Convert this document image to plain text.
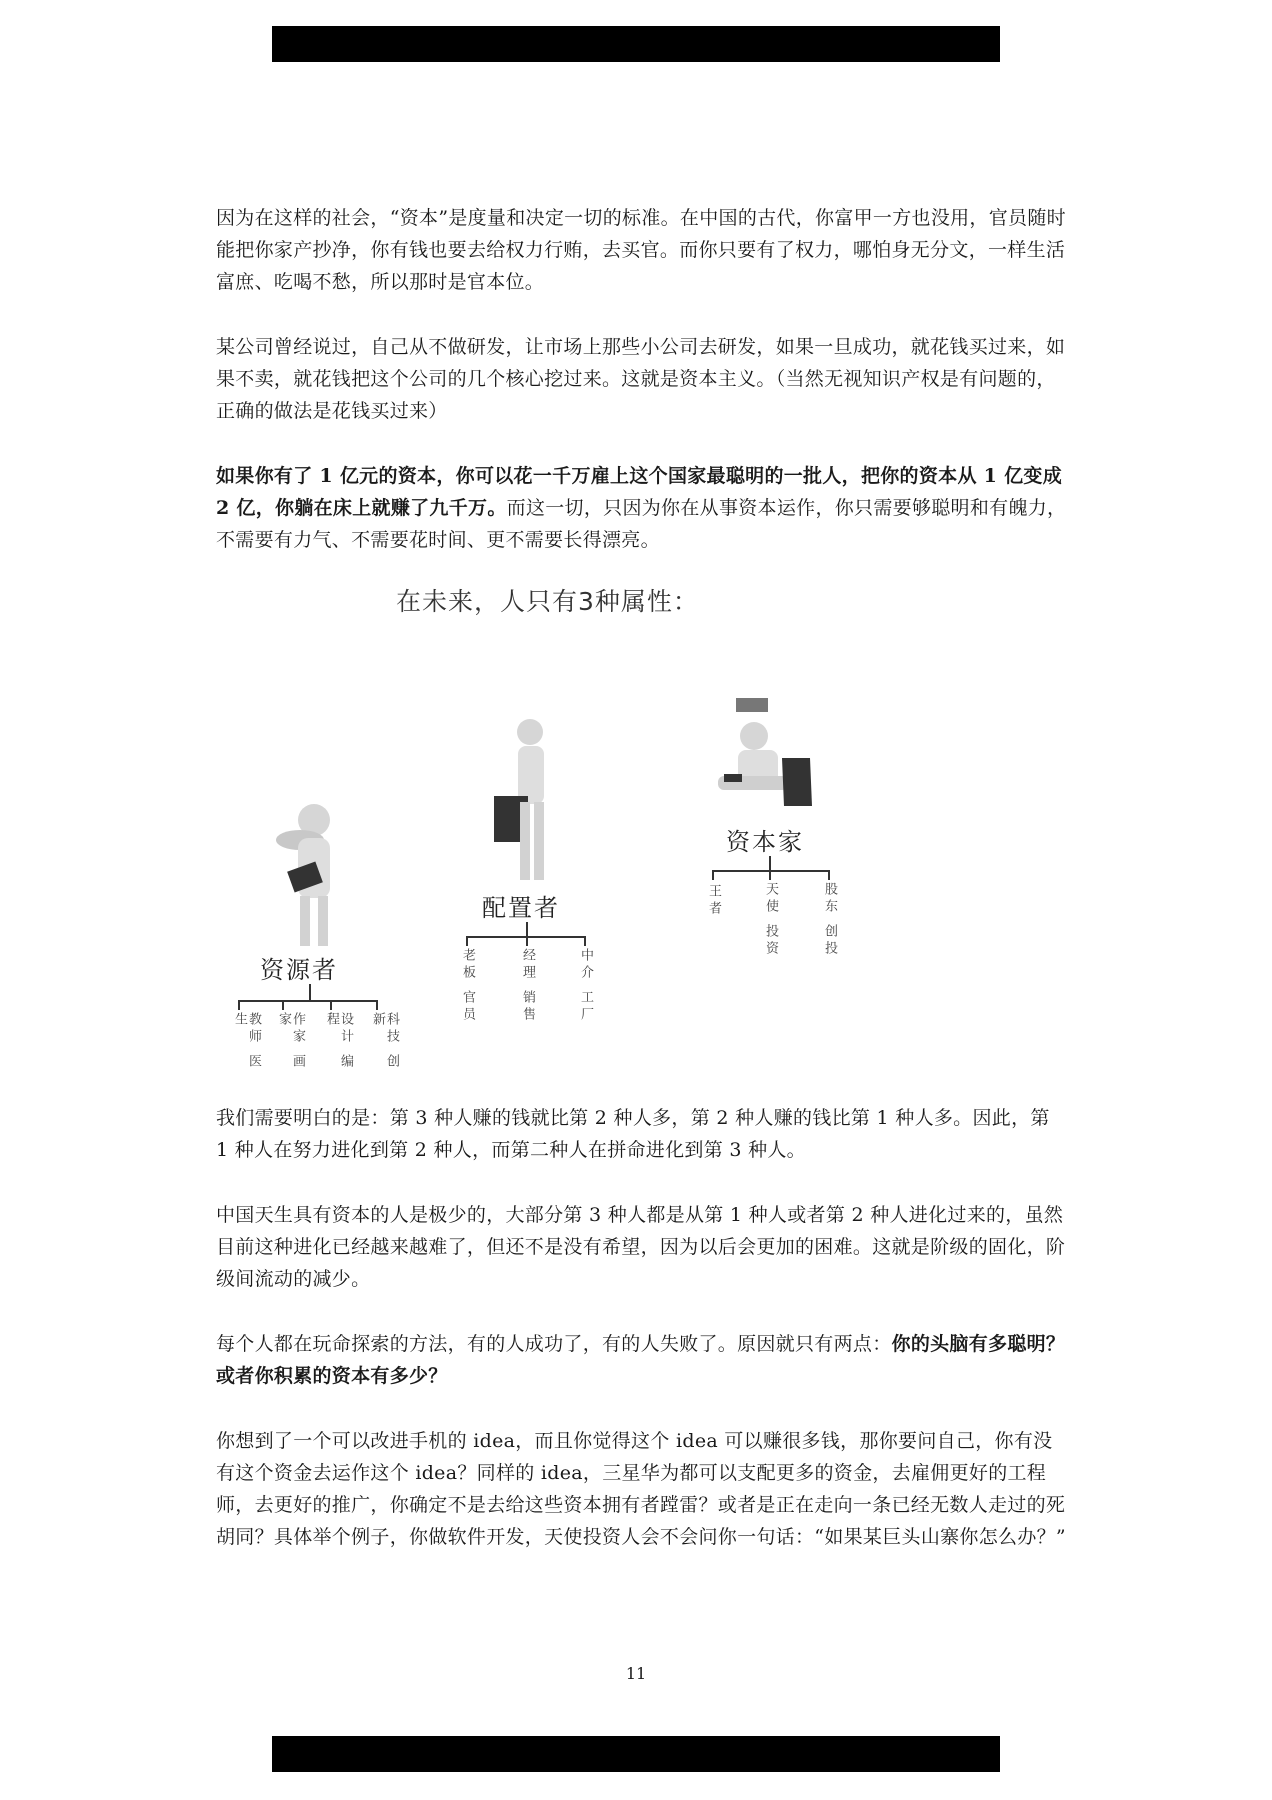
因为在这样的社会，“资本”是度量和决定一切的标准。在中国的古代，你富甲一方也没用，官员随时能把你家产抄净，你有钱也要去给权力行贿，去买官。而你只要有了权力，哪怕身无分文，一样生活富庶、吃喝不愁，所以那时是官本位。

某公司曾经说过，自己从不做研发，让市场上那些小公司去研发，如果一旦成功，就花钱买过来，如果不卖，就花钱把这个公司的几个核心挖过来。这就是资本主义。（当然无视知识产权是有问题的，正确的做法是花钱买过来）

如果你有了 1 亿元的资本，你可以花一千万雇上这个国家最聪明的一批人，把你的资本从 1 亿变成 2 亿，你躺在床上就赚了九千万。而这一切，只因为你在从事资本运作，你只需要够聪明和有魄力，不需要有力气、不需要花时间、更不需要长得漂亮。

在未来，人只有3种属性：
资源者
教师 医生	作家 画家	设计 编程	科技 创新
配置者
老板 官员	经理 销售	中介 工厂
资本家
王者	天使 投资	股东 创投

我们需要明白的是：第 3 种人赚的钱就比第 2 种人多，第 2 种人赚的钱比第 1 种人多。因此，第 1 种人在努力进化到第 2 种人，而第二种人在拼命进化到第 3 种人。

中国天生具有资本的人是极少的，大部分第 3 种人都是从第 1 种人或者第 2 种人进化过来的，虽然目前这种进化已经越来越难了，但还不是没有希望，因为以后会更加的困难。这就是阶级的固化，阶级间流动的减少。

每个人都在玩命探索的方法，有的人成功了，有的人失败了。原因就只有两点：你的头脑有多聪明？或者你积累的资本有多少？

你想到了一个可以改进手机的 idea，而且你觉得这个 idea 可以赚很多钱，那你要问自己，你有没有这个资金去运作这个 idea？同样的 idea，三星华为都可以支配更多的资金，去雇佣更好的工程师，去更好的推广，你确定不是去给这些资本拥有者蹚雷？或者是正在走向一条已经无数人走过的死胡同？具体举个例子，你做软件开发，天使投资人会不会问你一句话：“如果某巨头山寨你怎么办？”

11
